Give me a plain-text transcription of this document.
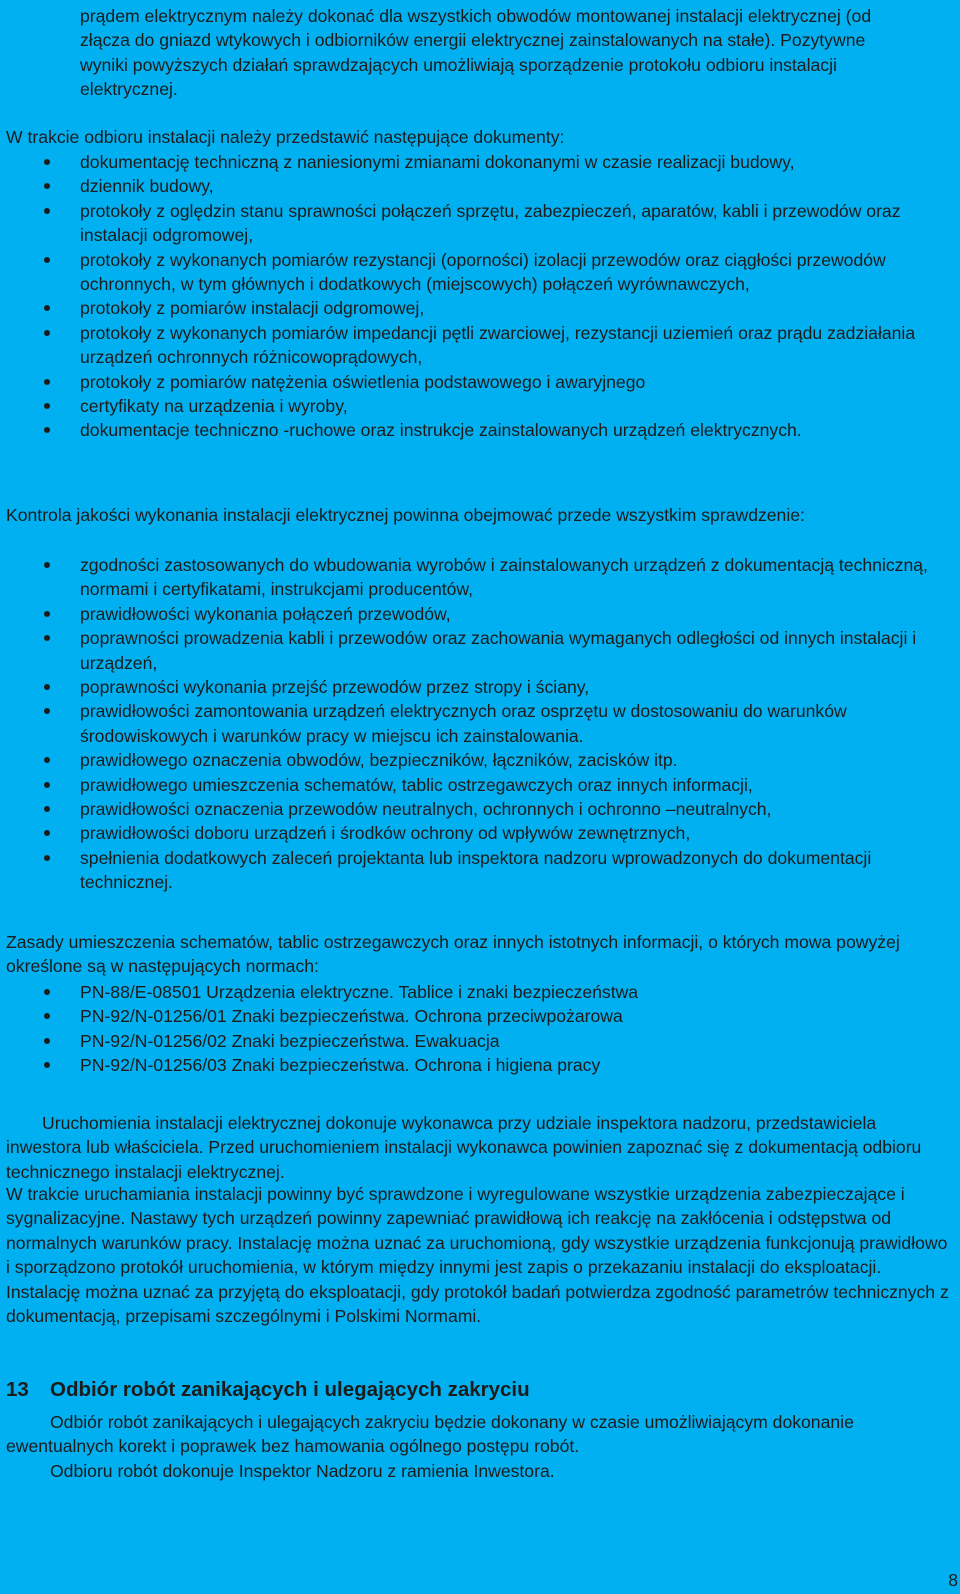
prądem elektrycznym należy dokonać dla wszystkich obwodów montowanej instalacji elektrycznej (od złącza do gniazd wtykowych i odbiorników energii elektrycznej zainstalowanych na stałe). Pozytywne wyniki powyższych działań sprawdzających umożliwiają sporządzenie protokołu odbioru instalacji elektrycznej.

W trakcie odbioru instalacji należy przedstawić następujące dokumenty:

dokumentację techniczną z naniesionymi zmianami dokonanymi w czasie realizacji budowy,
dziennik budowy,
protokoły z oględzin stanu sprawności połączeń sprzętu, zabezpieczeń, aparatów, kabli i przewodów oraz instalacji odgromowej,
protokoły z wykonanych pomiarów rezystancji (oporności) izolacji przewodów oraz ciągłości przewodów ochronnych, w tym głównych i dodatkowych (miejscowych) połączeń wyrównawczych,
protokoły z pomiarów instalacji odgromowej,
protokoły z wykonanych pomiarów impedancji pętli zwarciowej, rezystancji uziemień oraz prądu zadziałania urządzeń ochronnych różnicowoprądowych,
protokoły z pomiarów natężenia oświetlenia podstawowego i awaryjnego
certyfikaty na urządzenia i wyroby,
dokumentacje techniczno -ruchowe oraz instrukcje zainstalowanych urządzeń elektrycznych.

Kontrola jakości wykonania instalacji elektrycznej powinna obejmować przede wszystkim sprawdzenie:

zgodności zastosowanych do wbudowania wyrobów i zainstalowanych urządzeń z dokumentacją techniczną, normami i certyfikatami, instrukcjami producentów,
prawidłowości wykonania połączeń przewodów,
poprawności prowadzenia kabli i przewodów oraz zachowania wymaganych odległości od innych instalacji i urządzeń,
poprawności wykonania przejść przewodów przez stropy i ściany,
prawidłowości zamontowania urządzeń elektrycznych oraz osprzętu w dostosowaniu do warunków środowiskowych i warunków pracy w miejscu ich zainstalowania.
prawidłowego oznaczenia obwodów, bezpieczników, łączników, zacisków itp.
prawidłowego umieszczenia schematów, tablic ostrzegawczych oraz innych informacji,
prawidłowości oznaczenia przewodów neutralnych, ochronnych i ochronno –neutralnych,
prawidłowości doboru urządzeń i środków ochrony od wpływów zewnętrznych,
spełnienia dodatkowych zaleceń projektanta lub inspektora nadzoru wprowadzonych do dokumentacji technicznej.

Zasady umieszczenia schematów, tablic ostrzegawczych oraz innych istotnych informacji, o których mowa powyżej określone są w następujących normach:

PN-88/E-08501 Urządzenia elektryczne. Tablice i znaki bezpieczeństwa
PN-92/N-01256/01 Znaki bezpieczeństwa. Ochrona przeciwpożarowa
PN-92/N-01256/02 Znaki bezpieczeństwa. Ewakuacja
PN-92/N-01256/03 Znaki bezpieczeństwa. Ochrona i higiena pracy

Uruchomienia instalacji elektrycznej dokonuje wykonawca przy udziale inspektora nadzoru, przedstawiciela inwestora lub właściciela. Przed uruchomieniem instalacji wykonawca powinien zapoznać się z dokumentacją odbioru technicznego instalacji elektrycznej.

W trakcie uruchamiania instalacji powinny być sprawdzone i wyregulowane wszystkie urządzenia zabezpieczające i sygnalizacyjne. Nastawy tych urządzeń powinny zapewniać prawidłową ich reakcję na zakłócenia i odstępstwa od normalnych warunków pracy. Instalację można uznać za uruchomioną, gdy wszystkie urządzenia funkcjonują prawidłowo i sporządzono protokół uruchomienia, w którym między innymi jest zapis o przekazaniu instalacji do eksploatacji. Instalację można uznać za przyjętą do eksploatacji, gdy protokół badań potwierdza zgodność parametrów technicznych z dokumentacją, przepisami szczególnymi i Polskimi Normami.

13 Odbiór robót zanikających i ulegających zakryciu

Odbiór robót zanikających i ulegających zakryciu będzie dokonany w czasie umożliwiającym dokonanie ewentualnych korekt i poprawek bez hamowania ogólnego postępu robót.

Odbioru robót dokonuje Inspektor Nadzoru z ramienia Inwestora.

8
